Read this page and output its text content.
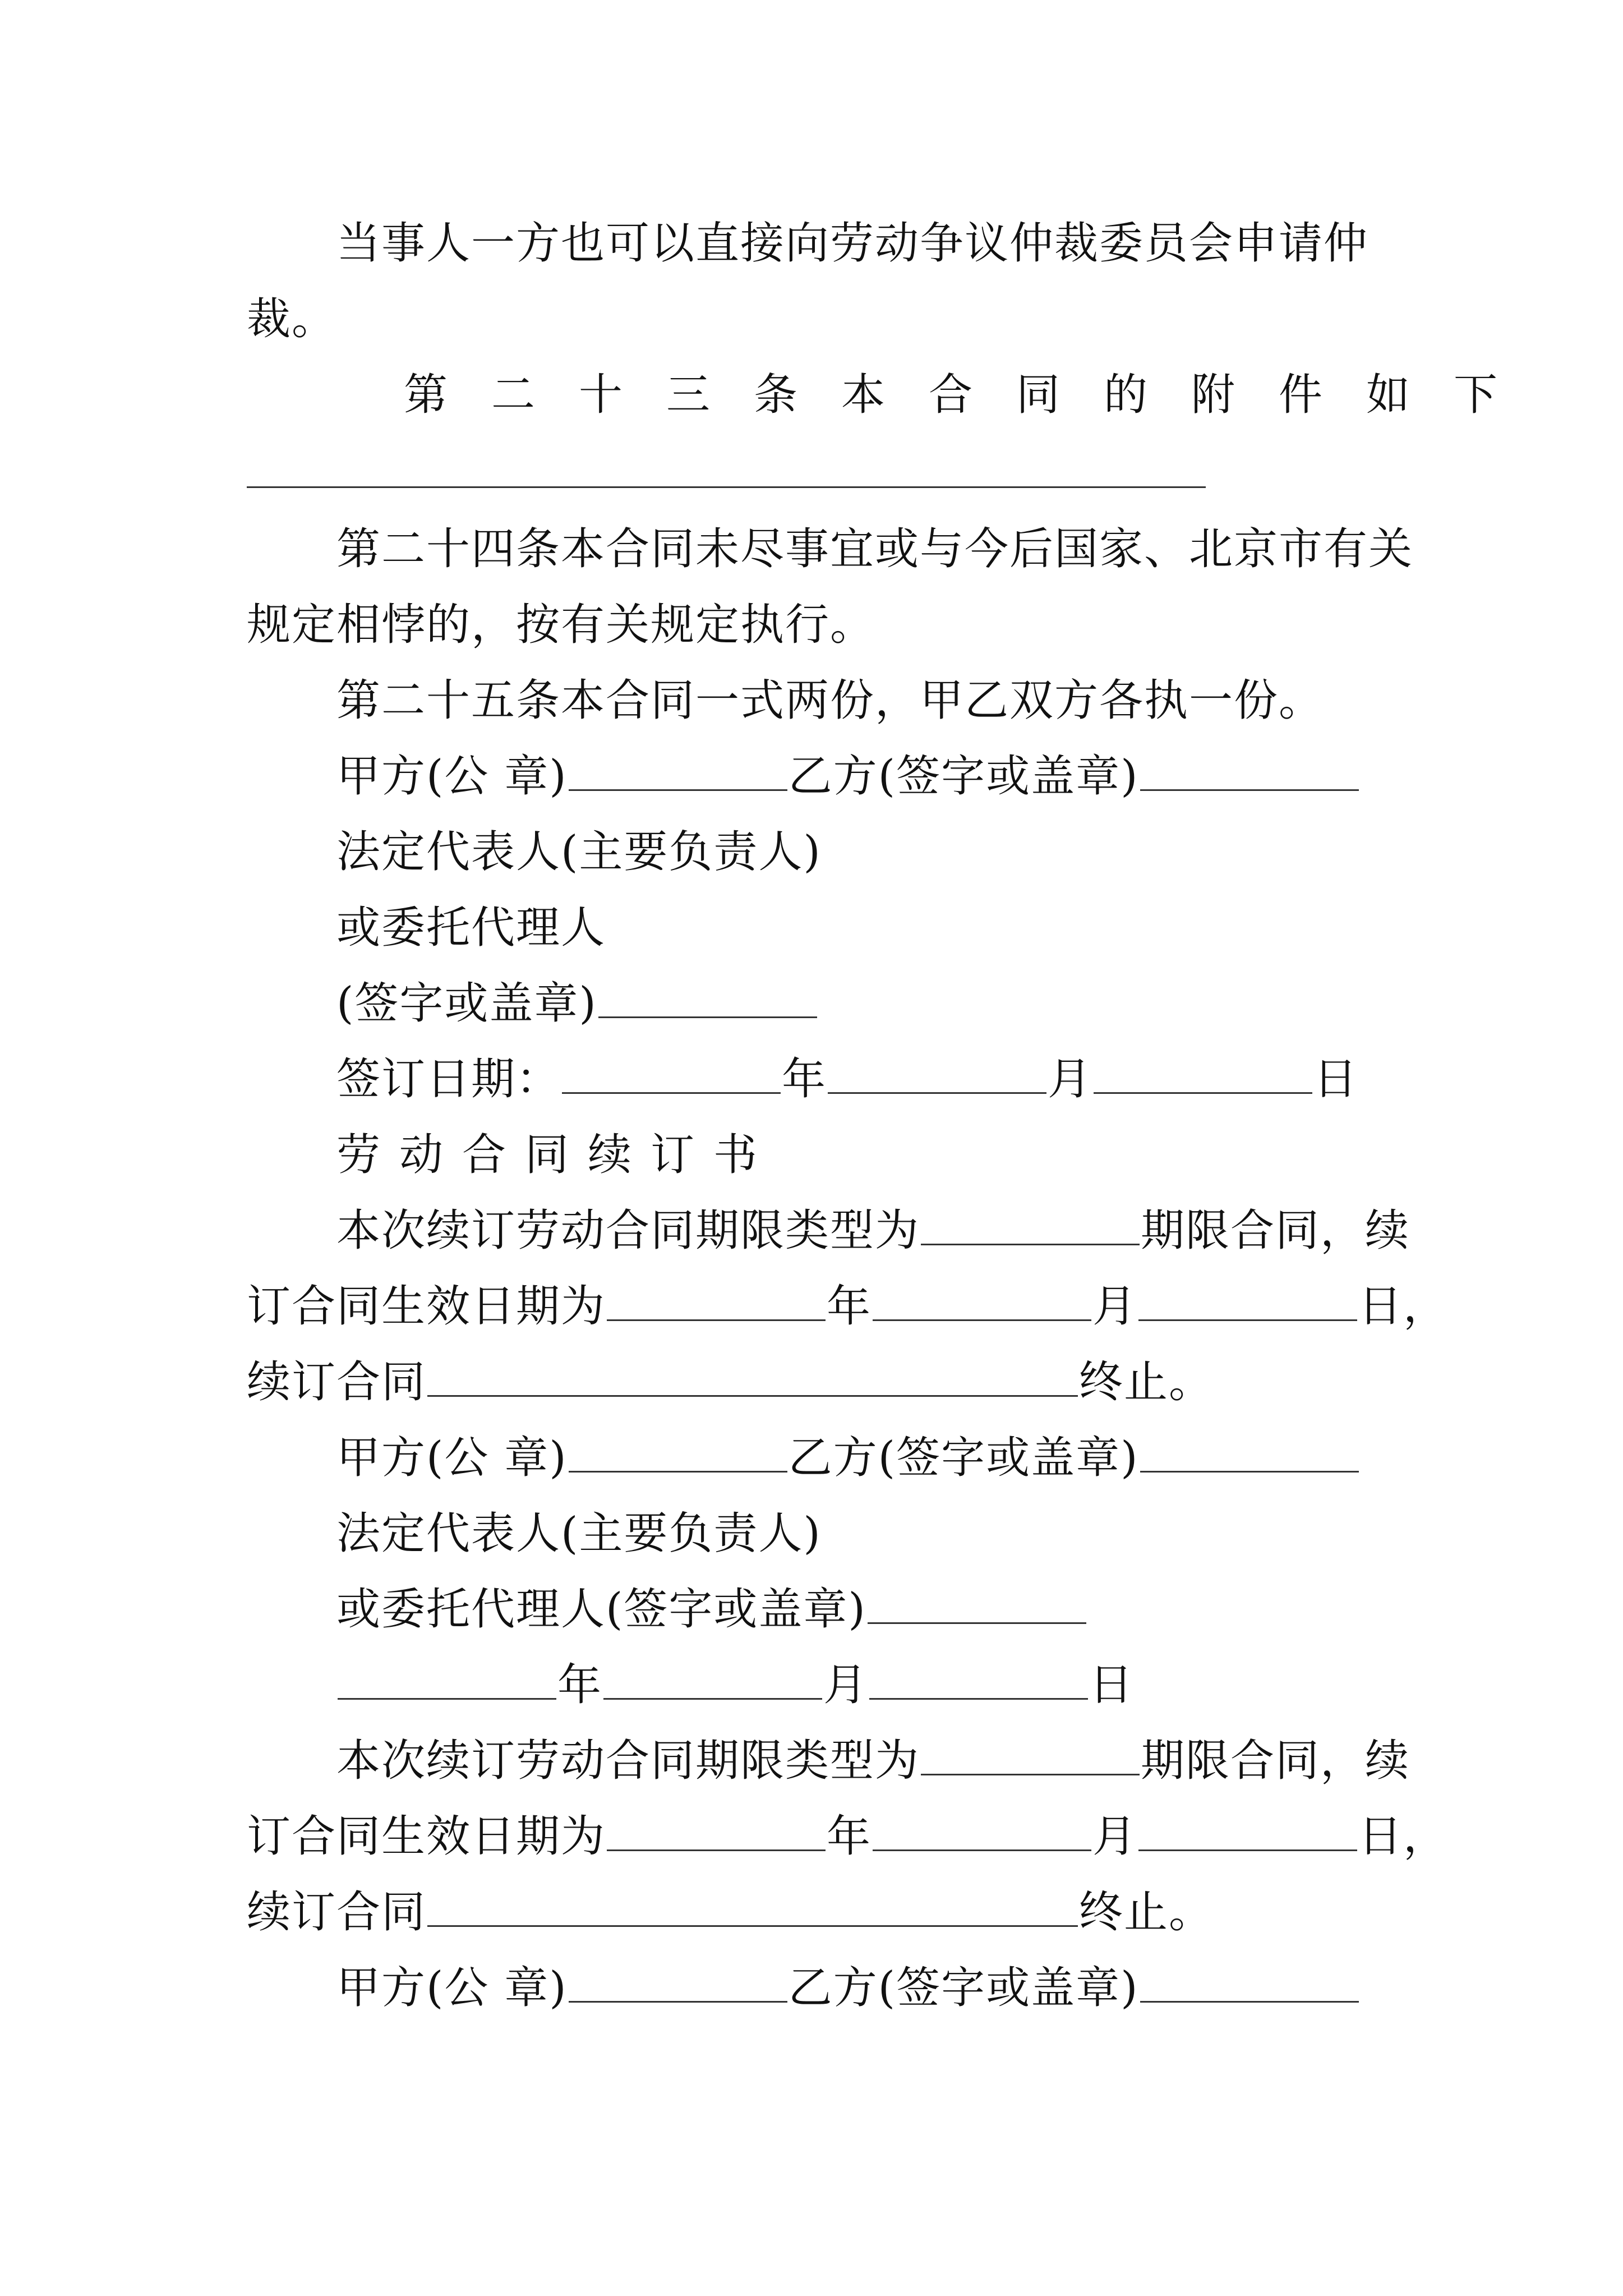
当事人一方也可以直接向劳动争议仲裁委员会申请仲
裁。
第二十三条本合同的附件如下
第二十四条本合同未尽事宜或与今后国家、北京市有关
规定相悖的，按有关规定执行。
第二十五条本合同一式两份，甲乙双方各执一份。
甲方(公 章)	乙方(签字或盖章)
法定代表人(主要负责人)
或委托代理人
(签字或盖章)
签订日期：	年	月	日
劳动合同续订书
本次续订劳动合同期限类型为	期限合同，续
订合同生效日期为	年	月	日，
续订合同	终止。
甲方(公 章)	乙方(签字或盖章)
法定代表人(主要负责人)
或委托代理人(签字或盖章)
年	月	日
本次续订劳动合同期限类型为	期限合同，续
订合同生效日期为	年	月	日，
续订合同	终止。
甲方(公 章)	乙方(签字或盖章)
